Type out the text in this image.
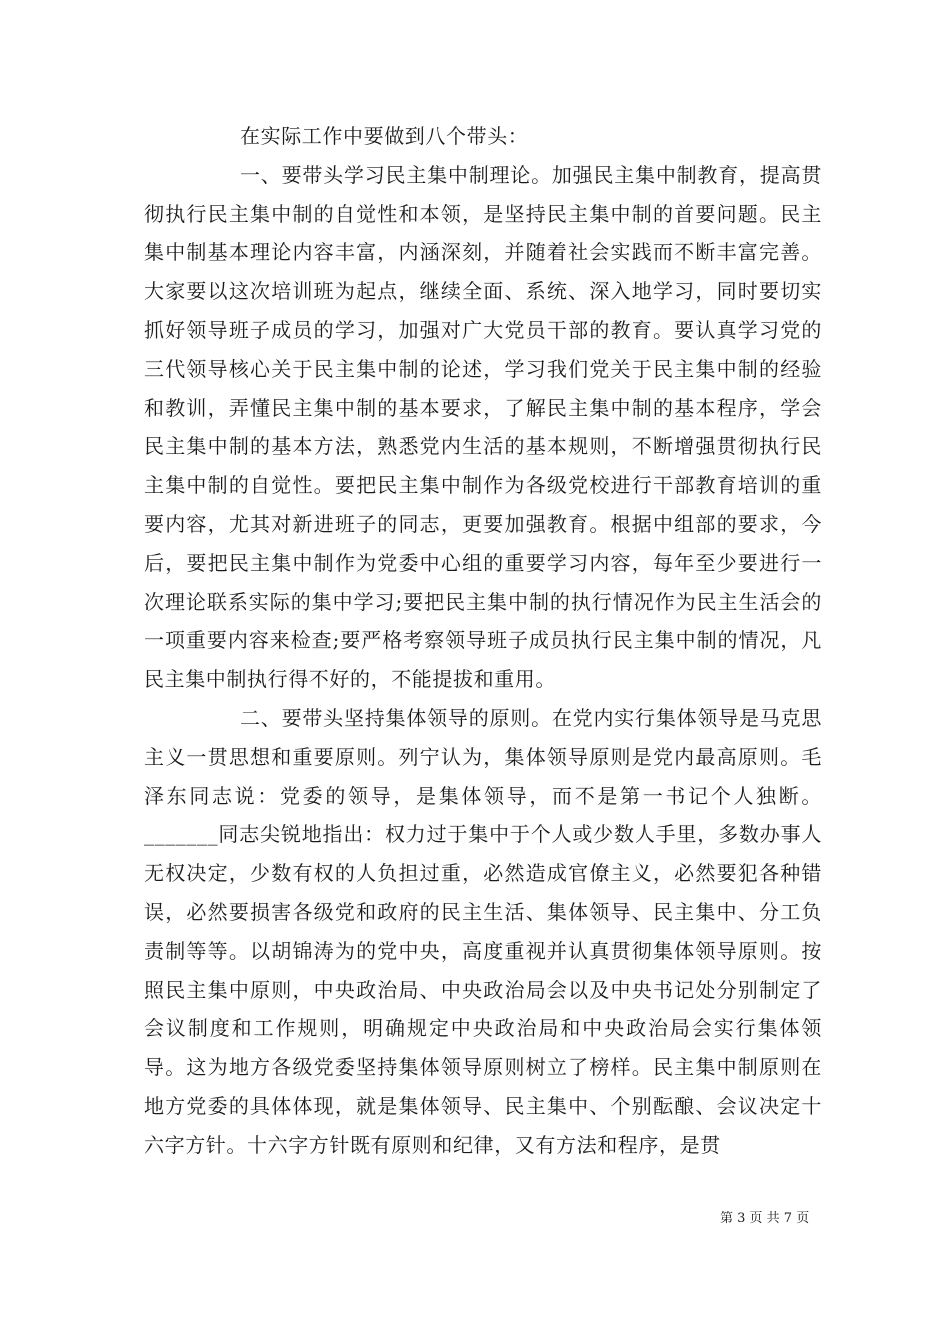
在实际工作中要做到八个带头：

一、要带头学习民主集中制理论。加强民主集中制教育，提高贯彻执行民主集中制的自觉性和本领，是坚持民主集中制的首要问题。民主集中制基本理论内容丰富，内涵深刻，并随着社会实践而不断丰富完善。大家要以这次培训班为起点，继续全面、系统、深入地学习，同时要切实抓好领导班子成员的学习，加强对广大党员干部的教育。要认真学习党的三代领导核心关于民主集中制的论述，学习我们党关于民主集中制的经验和教训，弄懂民主集中制的基本要求，了解民主集中制的基本程序，学会民主集中制的基本方法，熟悉党内生活的基本规则，不断增强贯彻执行民主集中制的自觉性。要把民主集中制作为各级党校进行干部教育培训的重要内容，尤其对新进班子的同志，更要加强教育。根据中组部的要求，今后，要把民主集中制作为党委中心组的重要学习内容，每年至少要进行一次理论联系实际的集中学习;要把民主集中制的执行情况作为民主生活会的一项重要内容来检查;要严格考察领导班子成员执行民主集中制的情况，凡民主集中制执行得不好的，不能提拔和重用。

二、要带头坚持集体领导的原则。在党内实行集体领导是马克思主义一贯思想和重要原则。列宁认为，集体领导原则是党内最高原则。毛泽东同志说：党委的领导，是集体领导，而不是第一书记个人独断。_______同志尖锐地指出：权力过于集中于个人或少数人手里，多数办事人无权决定，少数有权的人负担过重，必然造成官僚主义，必然要犯各种错误，必然要损害各级党和政府的民主生活、集体领导、民主集中、分工负责制等等。以胡锦涛为的党中央，高度重视并认真贯彻集体领导原则。按照民主集中原则，中央政治局、中央政治局会以及中央书记处分别制定了会议制度和工作规则，明确规定中央政治局和中央政治局会实行集体领导。这为地方各级党委坚持集体领导原则树立了榜样。民主集中制原则在地方党委的具体体现，就是集体领导、民主集中、个别酝酿、会议决定十六字方针。十六字方针既有原则和纪律，又有方法和程序，是贯

第 3 页 共 7 页
